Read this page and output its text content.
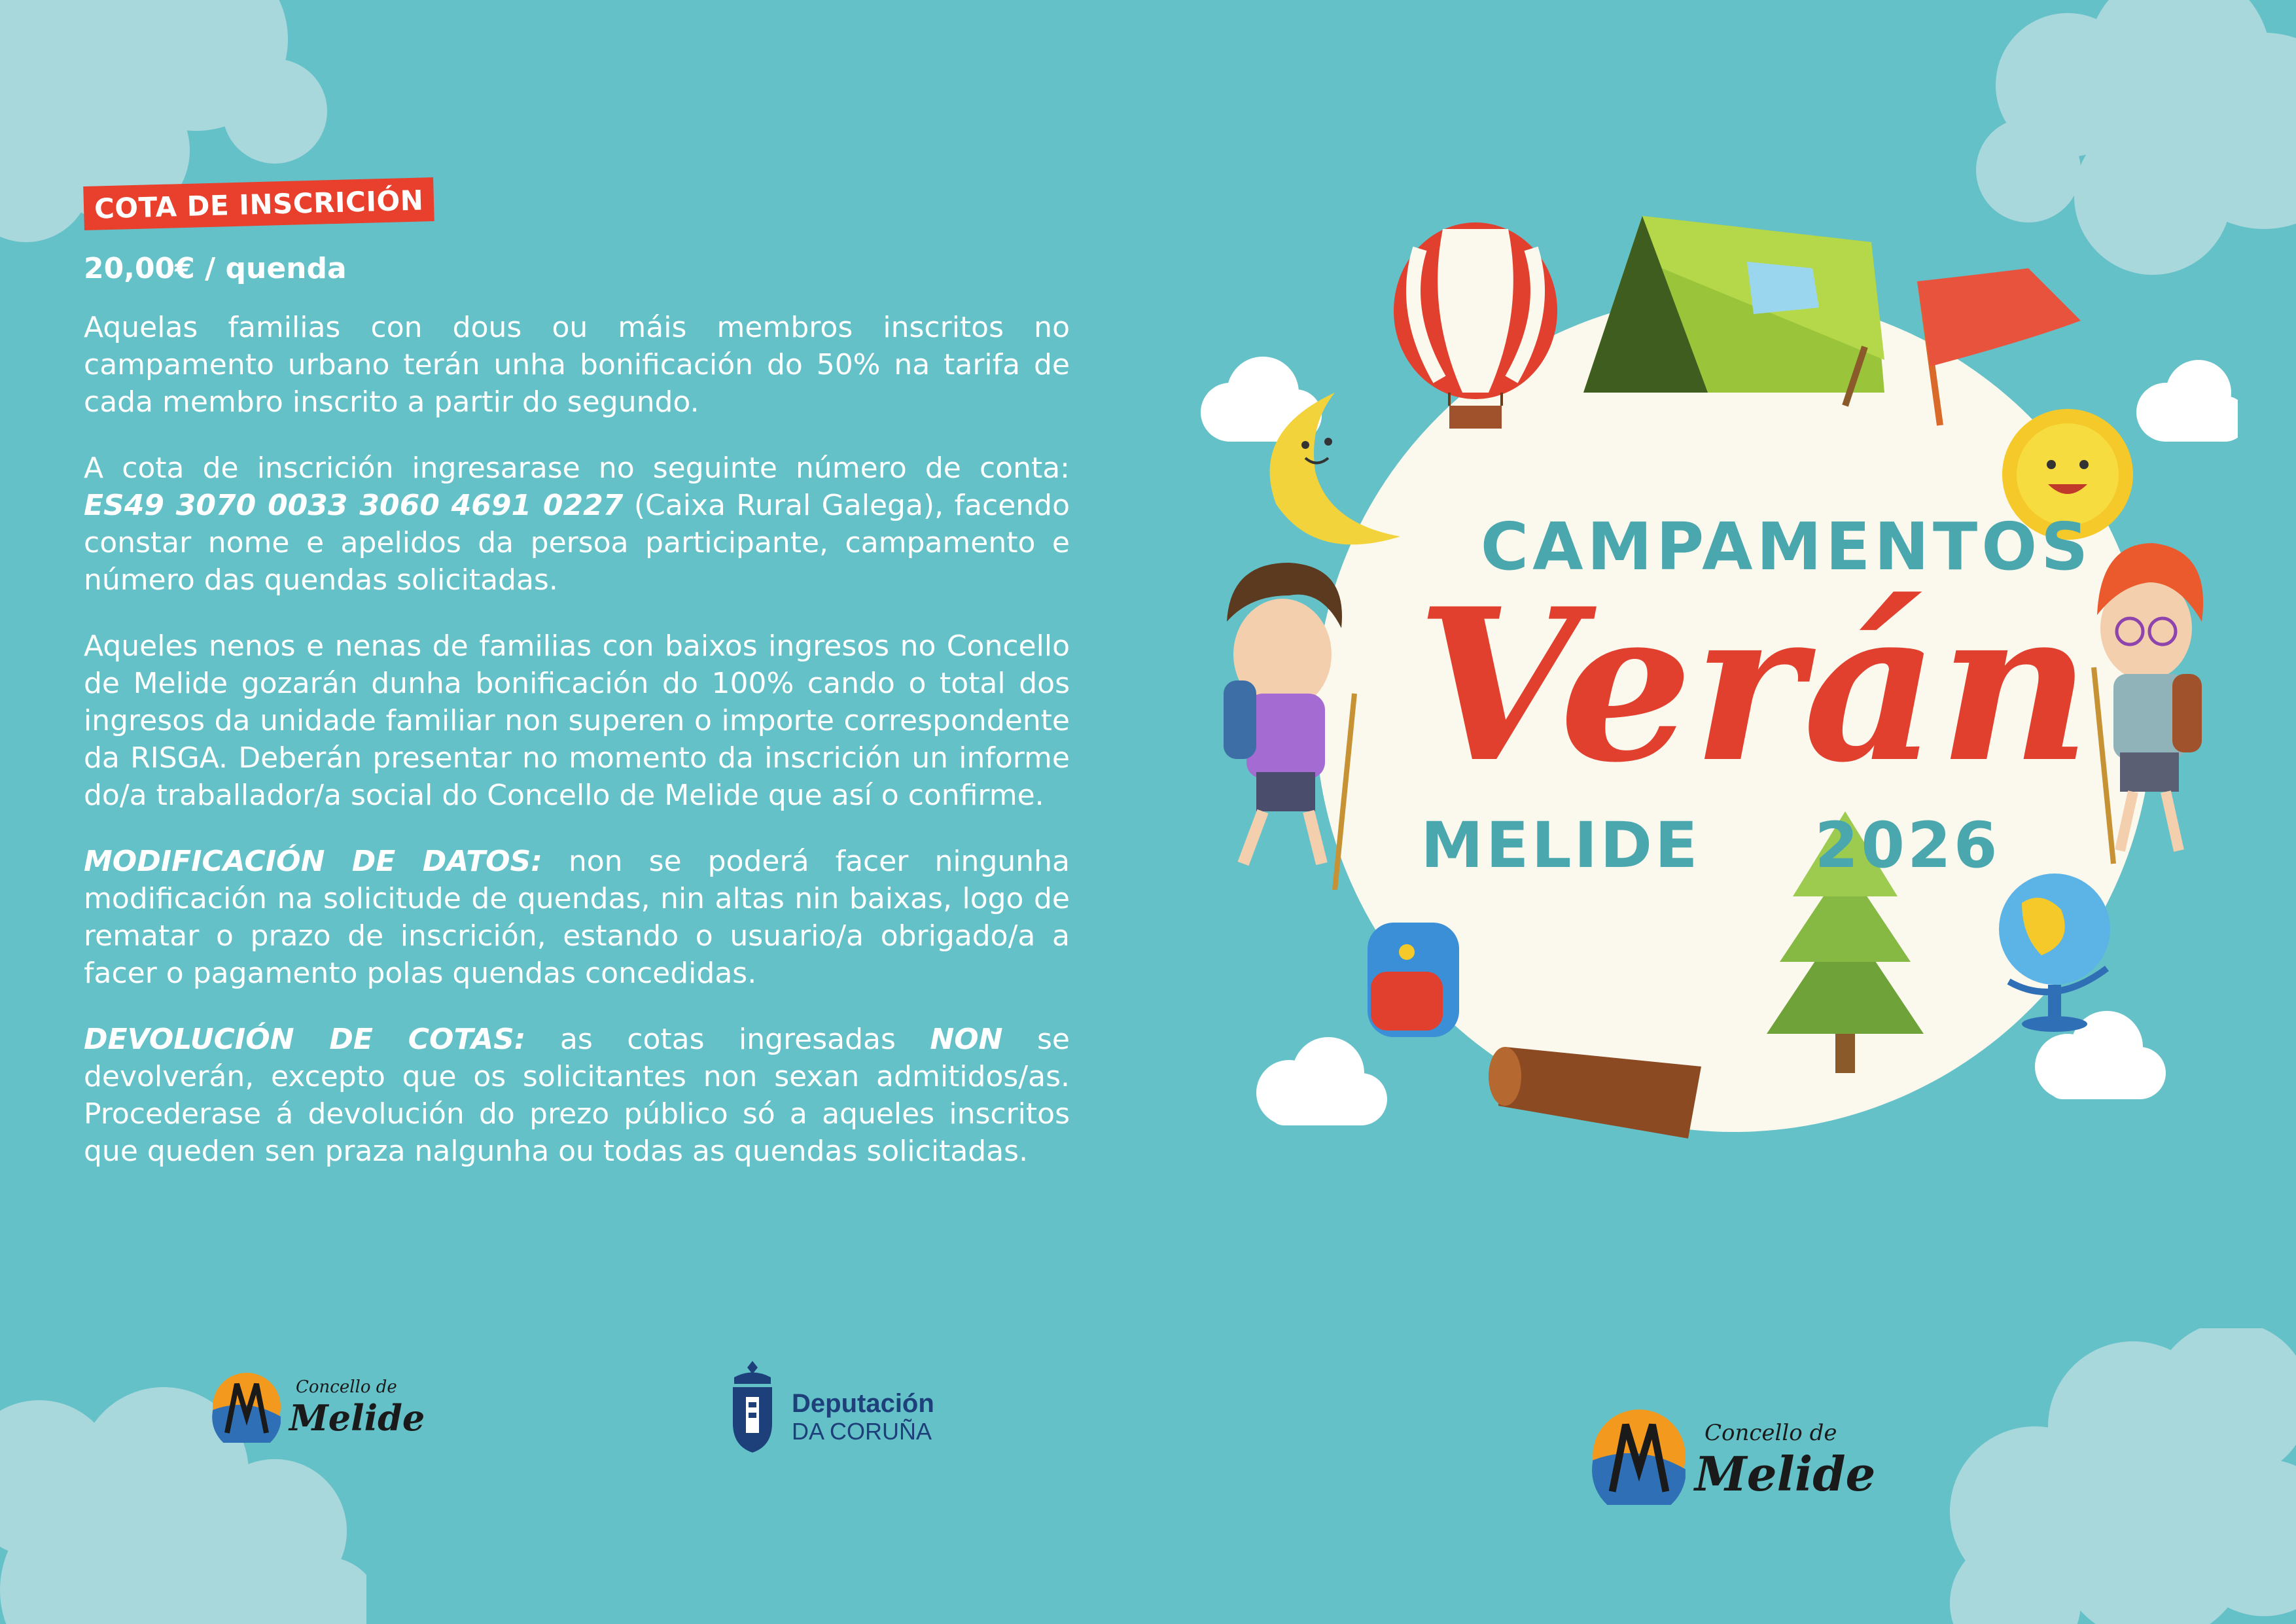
COTA DE INSCRICIÓN
20,00€ / quenda

Aquelas familias con dous ou máis membros inscritos no campamento urbano terán unha bonificación do 50% na tarifa de cada membro inscrito a partir do segundo.

A cota de inscrición ingresarase no seguinte número de conta: ES49 3070 0033 3060 4691 0227 (Caixa Rural Galega), facendo constar nome e apelidos da persoa participante, campamento e número das quendas solicitadas.

Aqueles nenos e nenas de familias con baixos ingresos no Concello de Melide gozarán dunha bonificación do 100% cando o total dos ingresos da unidade familiar non superen o importe correspondente da RISGA. Deberán presentar no momento da inscrición un informe do/a traballador/a social do Concello de Melide que así o confirme.

MODIFICACIÓN DE DATOS: non se poderá facer ningunha modificación na solicitude de quendas, nin altas nin baixas, logo de rematar o prazo de inscrición, estando o usuario/a obrigado/a a facer o pagamento polas quendas concedidas.

DEVOLUCIÓN DE COTAS: as cotas ingresadas NON se devolverán, excepto que os solicitantes non sexan admitidos/as. Procederase á devolución do prezo público só a aqueles inscritos que queden sen praza nalgunha ou todas as quendas solicitadas.

Concello de
Melide	Deputación
DA CORUÑA
CAMPAMENTOS
Verán
MELIDE 2026
Concello de
Melide
